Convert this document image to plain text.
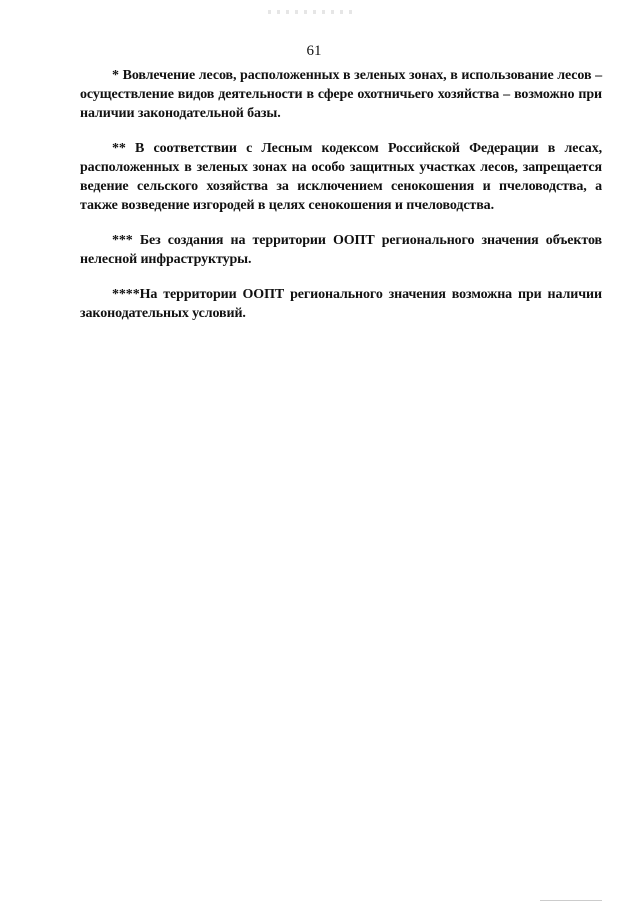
61

* Вовлечение лесов, расположенных в зеленых зонах, в использование лесов – осуществление видов деятельности в сфере охотничьего хозяйства – возможно при наличии законодательной базы.

** В соответствии с Лесным кодексом Российской Федерации в лесах, расположенных в зеленых зонах на особо защитных участках лесов, запрещается ведение сельского хозяйства за исключением сенокошения и пчеловодства, а также возведение изгородей в целях сенокошения и пчеловодства.

*** Без создания на территории ООПТ регионального значения объектов нелесной инфраструктуры.

****На территории ООПТ регионального значения возможна при наличии законодательных условий.
